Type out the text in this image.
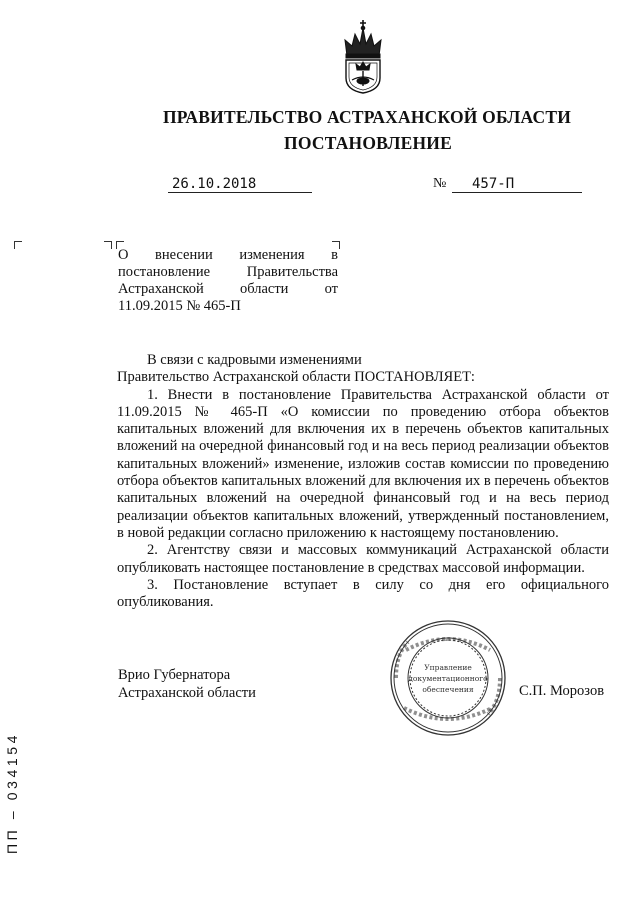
ПРАВИТЕЛЬСТВО АСТРАХАНСКОЙ ОБЛАСТИ
ПОСТАНОВЛЕНИЕ
26.10.2018	№ 457-П
О внесении изменения в постановление Правительства Астраханской области от 11.09.2015 № 465-П

В связи с кадровыми изменениями

Правительство Астраханской области ПОСТАНОВЛЯЕТ:

1. Внести в постановление Правительства Астраханской области от 11.09.2015 № 465-П «О комиссии по проведению отбора объектов капитальных вложений для включения их в перечень объектов капитальных вложений на очередной финансовый год и на весь период реализации объектов капитальных вложений» изменение, изложив состав комиссии по проведению отбора объектов капитальных вложений для включения их в перечень объектов капитальных вложений на очередной финансовый год и на весь период реализации объектов капитальных вложений, утвержденный постановлением, в новой редакции согласно приложению к настоящему постановлению.

2. Агентству связи и массовых коммуникаций Астраханской области опубликовать настоящее постановление в средствах массовой информации.

3. Постановление вступает в силу со дня его официального опубликования.

Врио Губернатора
Астраханской области	С.П. Морозов
Управление
документационного
обеспечения
ПП – 034154
